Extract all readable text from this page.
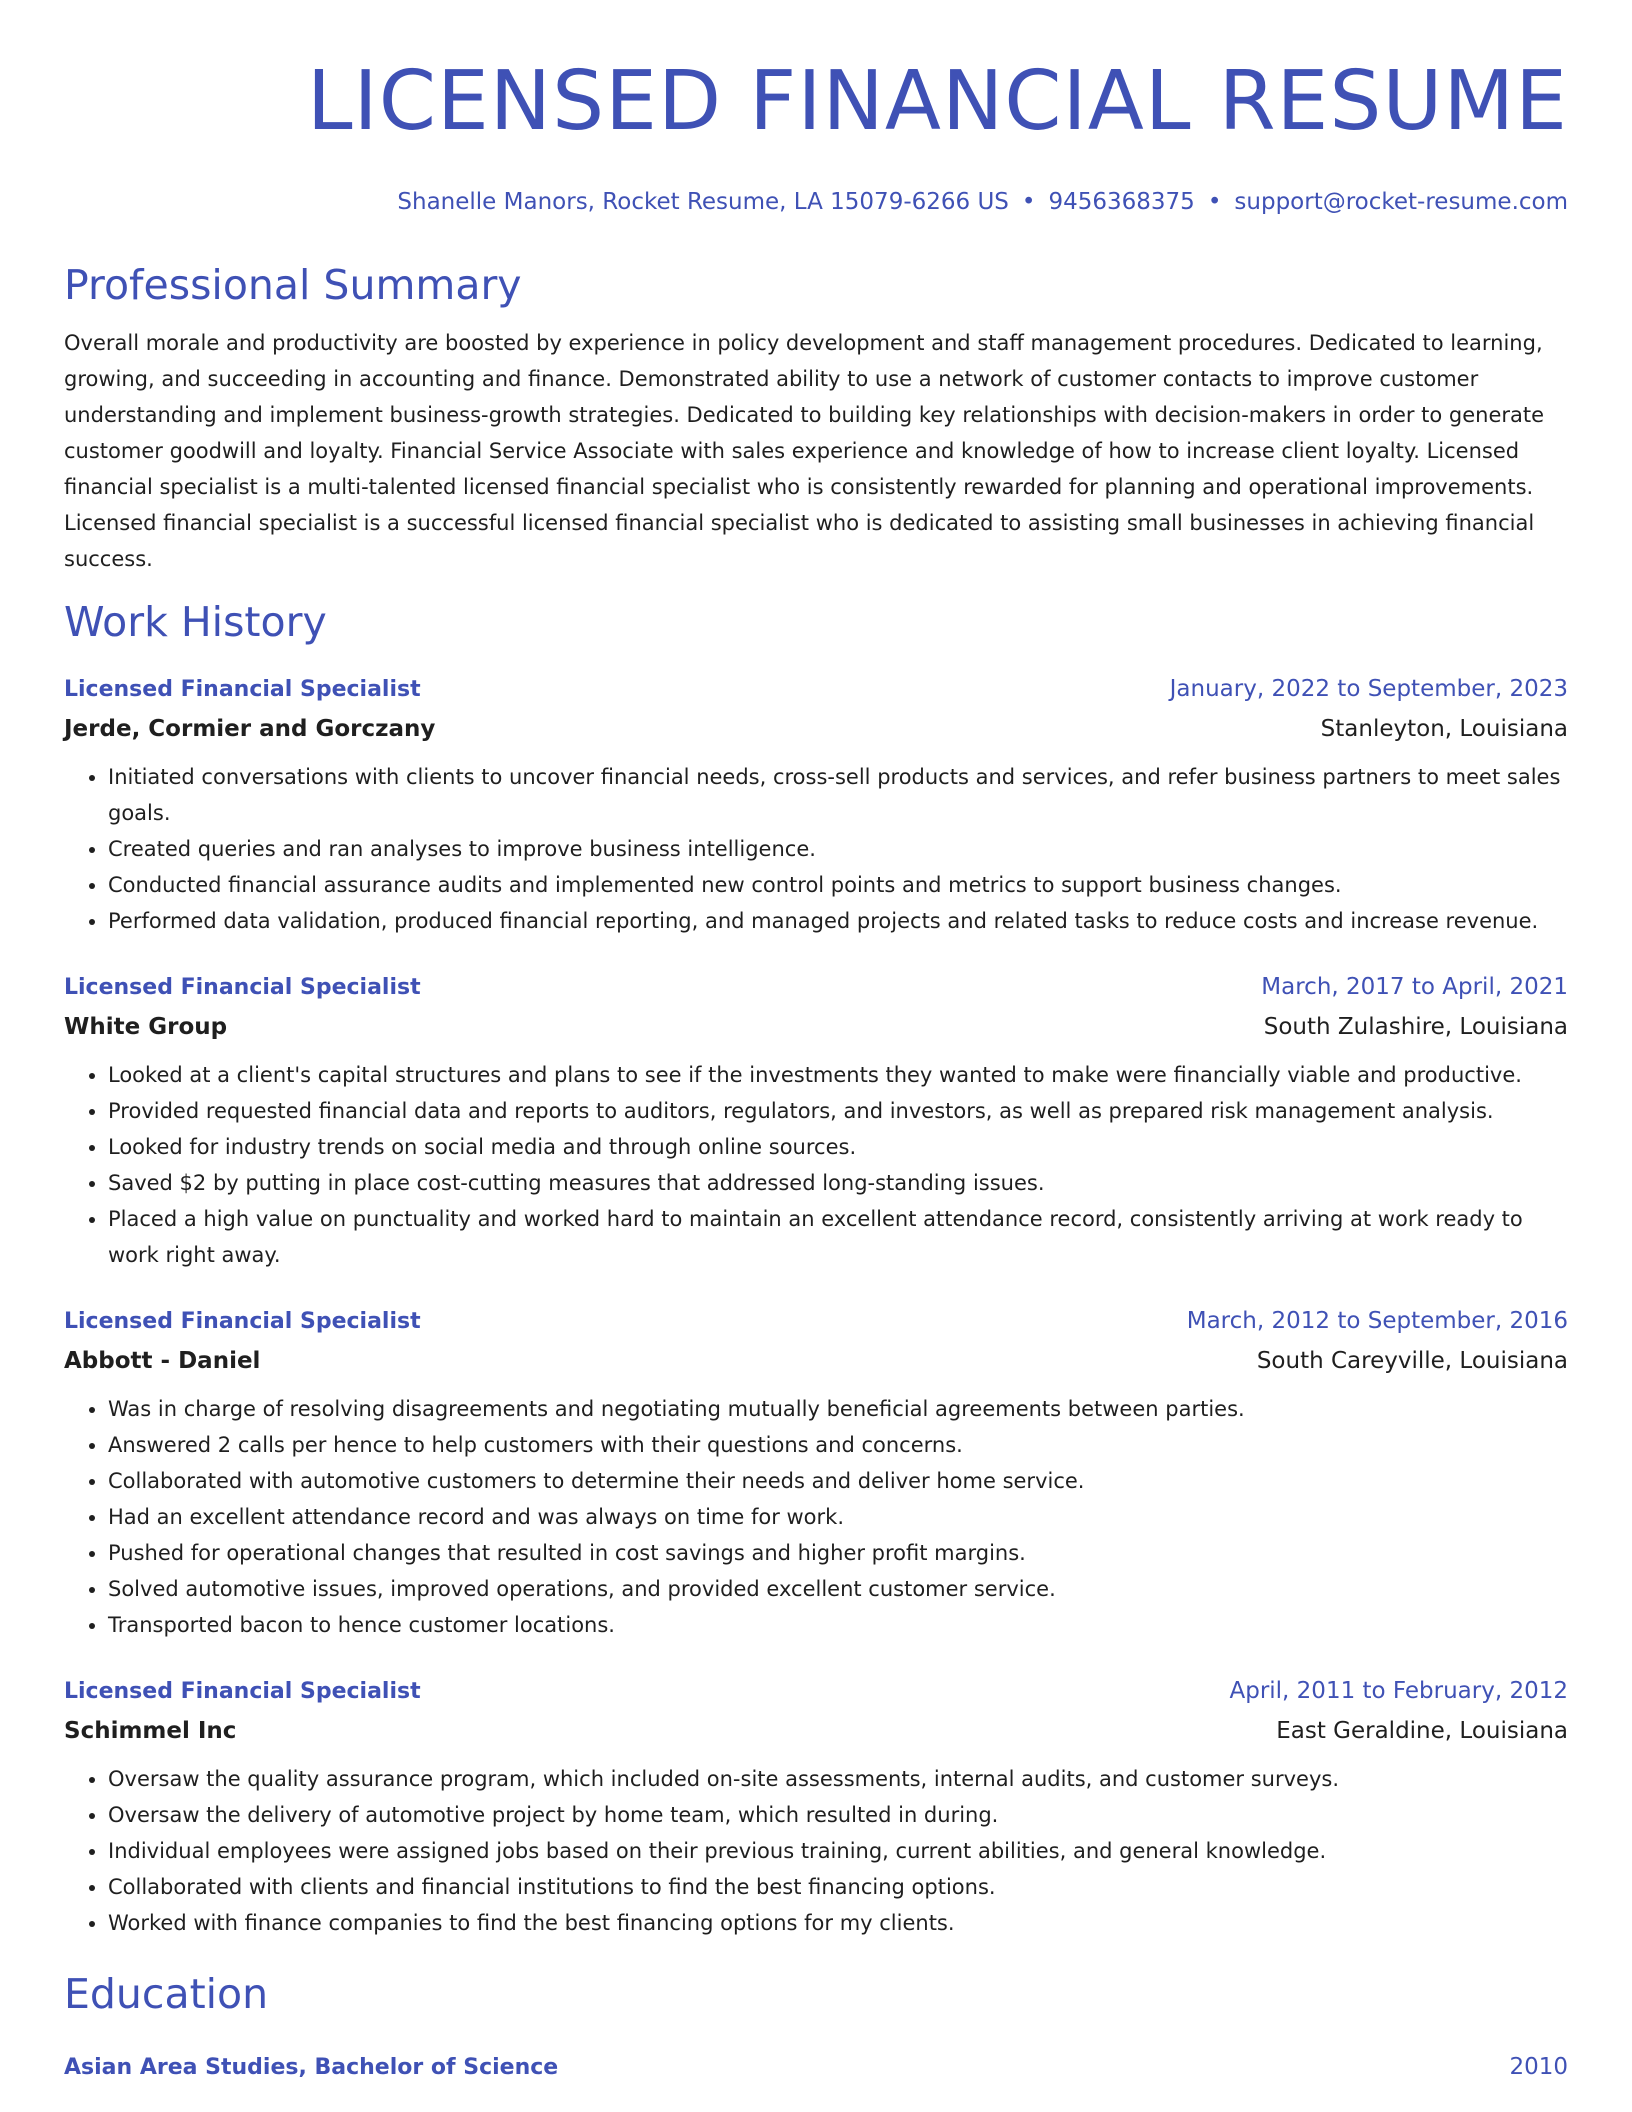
LICENSED FINANCIAL RESUME
Shanelle Manors, Rocket Resume, LA 15079-6266 US • 9456368375 • support@rocket-resume.com
Professional Summary

Overall morale and productivity are boosted by experience in policy development and staff management procedures. Dedicated to learning, growing, and succeeding in accounting and finance. Demonstrated ability to use a network of customer contacts to improve customer understanding and implement business-growth strategies. Dedicated to building key relationships with decision-makers in order to generate customer goodwill and loyalty. Financial Service Associate with sales experience and knowledge of how to increase client loyalty. Licensed financial specialist is a multi-talented licensed financial specialist who is consistently rewarded for planning and operational improvements. Licensed financial specialist is a successful licensed financial specialist who is dedicated to assisting small businesses in achieving financial success.

Work History
Licensed Financial Specialist	January, 2022 to September, 2023
Jerde, Cormier and Gorczany	Stanleyton, Louisiana
• Initiated conversations with clients to uncover financial needs, cross-sell products and services, and refer business partners to meet sales goals.
• Created queries and ran analyses to improve business intelligence.
• Conducted financial assurance audits and implemented new control points and metrics to support business changes.
• Performed data validation, produced financial reporting, and managed projects and related tasks to reduce costs and increase revenue.
Licensed Financial Specialist	March, 2017 to April, 2021
White Group	South Zulashire, Louisiana
• Looked at a client's capital structures and plans to see if the investments they wanted to make were financially viable and productive.
• Provided requested financial data and reports to auditors, regulators, and investors, as well as prepared risk management analysis.
• Looked for industry trends on social media and through online sources.
• Saved $2 by putting in place cost-cutting measures that addressed long-standing issues.
• Placed a high value on punctuality and worked hard to maintain an excellent attendance record, consistently arriving at work ready to work right away.
Licensed Financial Specialist	March, 2012 to September, 2016
Abbott - Daniel	South Careyville, Louisiana
• Was in charge of resolving disagreements and negotiating mutually beneficial agreements between parties.
• Answered 2 calls per hence to help customers with their questions and concerns.
• Collaborated with automotive customers to determine their needs and deliver home service.
• Had an excellent attendance record and was always on time for work.
• Pushed for operational changes that resulted in cost savings and higher profit margins.
• Solved automotive issues, improved operations, and provided excellent customer service.
• Transported bacon to hence customer locations.
Licensed Financial Specialist	April, 2011 to February, 2012
Schimmel Inc	East Geraldine, Louisiana
• Oversaw the quality assurance program, which included on-site assessments, internal audits, and customer surveys.
• Oversaw the delivery of automotive project by home team, which resulted in during.
• Individual employees were assigned jobs based on their previous training, current abilities, and general knowledge.
• Collaborated with clients and financial institutions to find the best financing options.
• Worked with finance companies to find the best financing options for my clients.
Education
Asian Area Studies, Bachelor of Science	2010
